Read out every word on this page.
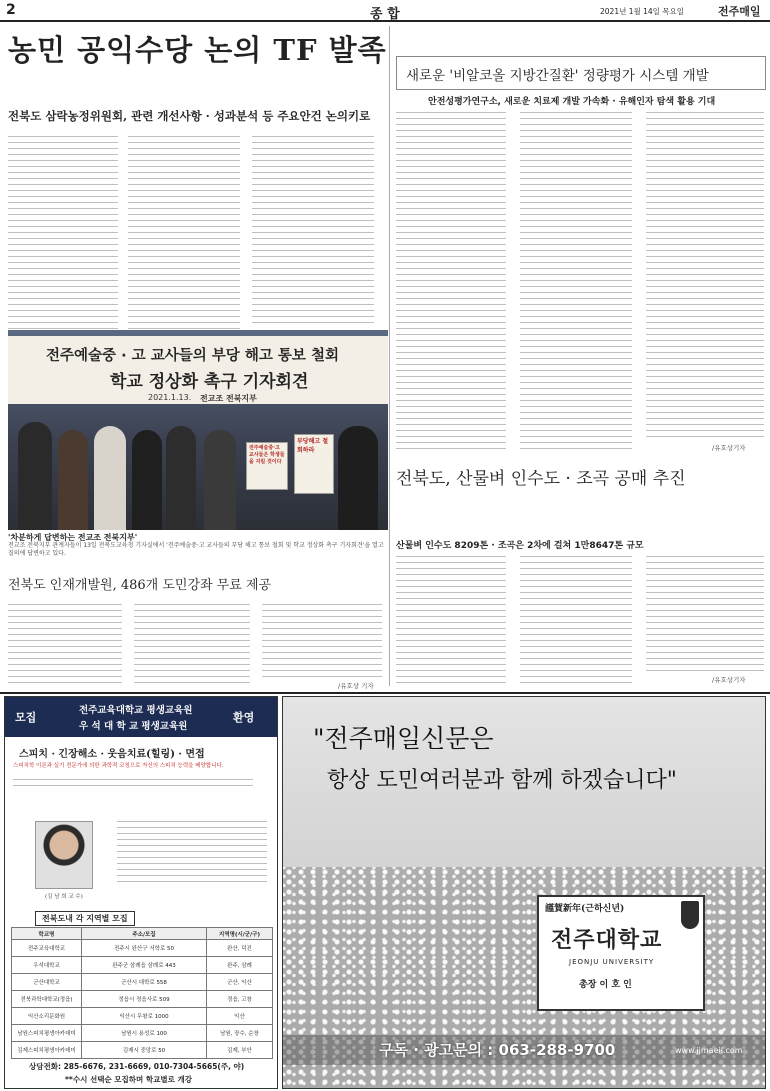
2	종 합	2021년 1월 14일 목요일	전주매일
농민 공익수당 논의 TF 발족
전북도 삼락농정위원회, 관련 개선사항 · 성과분석 등 주요안건 논의키로
새로운 '비알코올 지방간질환' 정량평가 시스템 개발
안전성평가연구소, 새로운 치료제 개발 가속화 · 유해인자 탐색 활용 기대
/유호상기자
전주예술중 · 고 교사들의 부당 해고 통보 철회
학교 정상화 촉구 기자회견
2021.1.13. 전교조 전북지부
전주예술중·고 교사들은 학생들을 지킬 것이다
부당해고 철회하라
'차분하게 답변하는 전교조 전북지부'
전교조 전북지부 관계자들이 13일 전북도교육청 기자실에서 '전주예술중·고 교사들의 부당 해고 통보 철회 및 학교 정상화 촉구 기자회견'을 열고 질의에 답변하고 있다.
전북도, 산물벼 인수도 · 조곡 공매 추진
산물벼 인수도 8209톤 · 조곡은 2차에 걸쳐 1만8647톤 규모
/유호상기자
전북도 인재개발원, 486개 도민강좌 무료 제공
/유호상 기자
모집	환영
전주교육대학교 평생교육원
우 석 대 학 교 평생교육원
스피치 · 긴장해소 · 웃음치료(힐링) · 면접
스피치학 이론과 실기 전문가에 의한 과학적 코칭으로 자신의 스피치 능력을 배양합니다.
(김 남 희 교 수)
전북도내 각 지역별 모집
학교명	주소/모집	지역명(시/군/구)
전주교육대학교	전주시 완산구 서학로 50	완산, 덕진
우석대학교	완주군 삼례읍 삼례로 443	완주, 삼례
군산대학교	군산시 대학로 558	군산, 익산
전북과학대학교(정읍)	정읍시 정읍사로 509	정읍, 고창
익산소리문화원	익산시 무왕로 1000	익산
남원스피치평생아카데미	남원시 용성로 100	남원, 장수, 순창
김제스피치평생아카데미	김제시 중앙로 50	김제, 부안
상담전화: 285-6676, 231-6669, 010-7304-5665(주, 야)
**수시 선택순 모집하며 학교별로 개강
"전주매일신문은
항상 도민여러분과 함께 하겠습니다"
謹賀新年(근하신년)
전주대학교
JEONJU UNIVERSITY
총장 이 호 인
구독 · 광고문의 : 063-288-9700	www.jjmaeil.com
